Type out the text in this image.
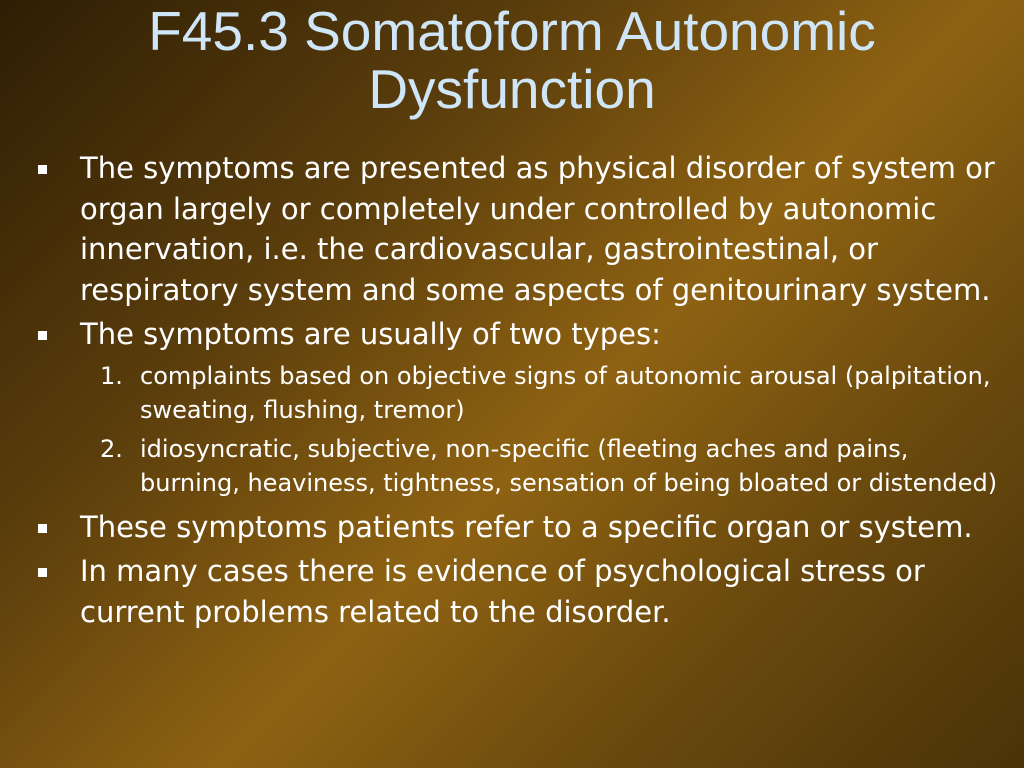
F45.3 Somatoform Autonomic
Dysfunction
The symptoms are presented as physical disorder of system or organ largely or completely under controlled by autonomic innervation, i.e. the cardiovascular, gastrointestinal, or respiratory system and some aspects of genitourinary system.
The symptoms are usually of two types:
1. complaints based on objective signs of autonomic arousal (palpitation, sweating, flushing, tremor)
2. idiosyncratic, subjective, non-specific (fleeting aches and pains, burning, heaviness, tightness, sensation of being bloated or distended)
These symptoms patients refer to a specific organ or system.
In many cases there is evidence of psychological stress or current problems related to the disorder.
